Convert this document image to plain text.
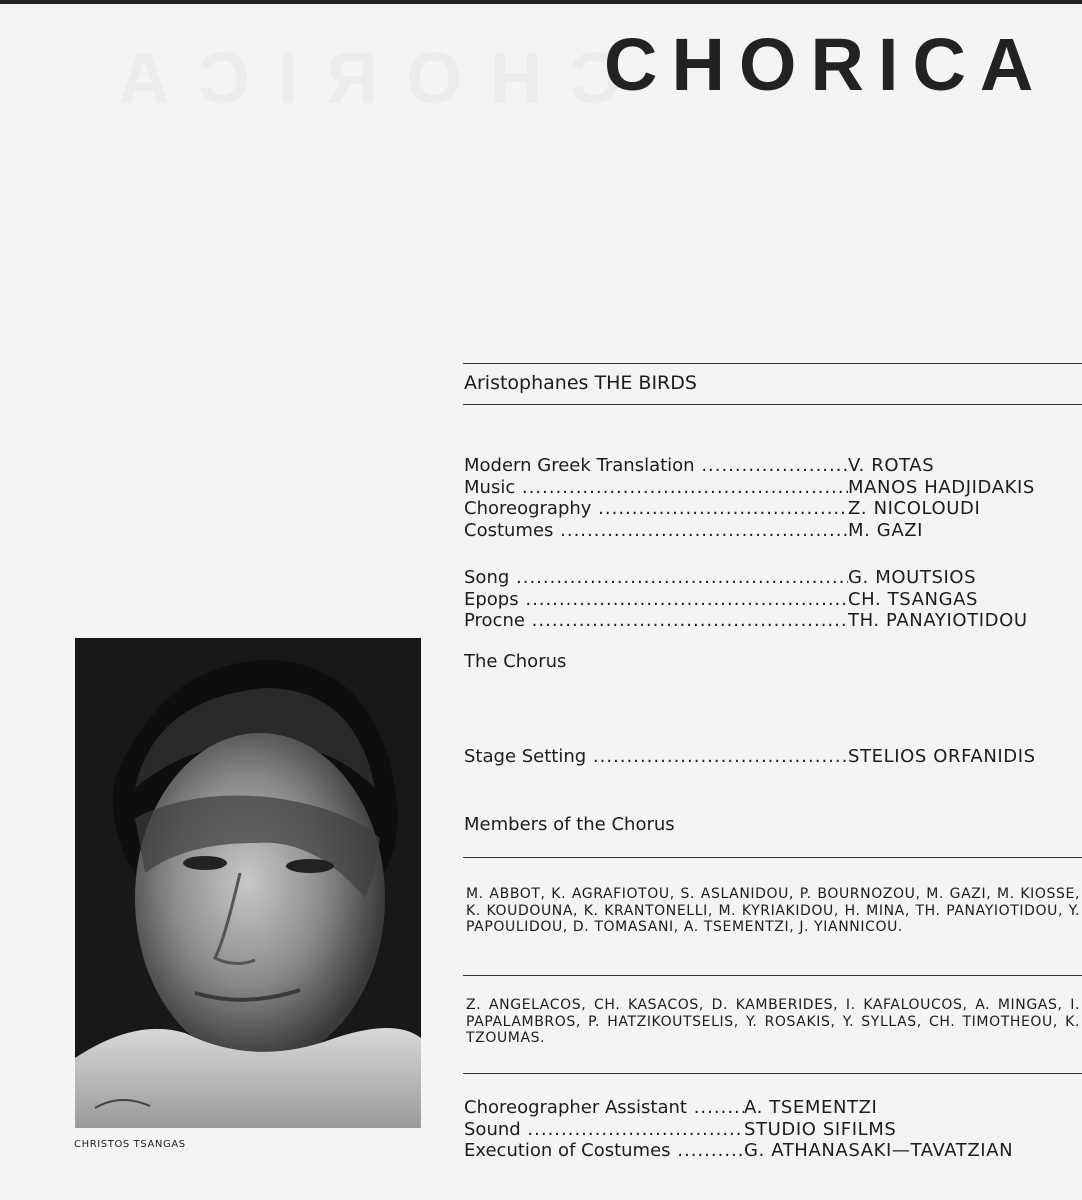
CHORICA
CHORICA
Aristophanes THE BIRDS
Modern Greek Translation .....	V. ROTAS
Music .....	MANOS HADJIDAKIS
Choreography .....	Z. NICOLOUDI
Costumes .....	M. GAZI
Song .....	G. MOUTSIOS
Epops .....	CH. TSANGAS
Procne .....	TH. PANAYIOTIDOU
The Chorus
Stage Setting .....	STELIOS ORFANIDIS
Members of the Chorus
M. ABBOT, K. AGRAFIOTOU, S. ASLANIDOU, P. BOURNOZOU, M. GAZI, M. KIOSSE, K. KOUDOUNA, K. KRANTONELLI, M. KYRIAKIDOU, H. MINA, TH. PANAYIOTIDOU, Y. PAPOULIDOU, D. TOMASANI, A. TSEMENTZI, J. YIANNICOU.
Z. ANGELACOS, CH. KASACOS, D. KAMBERIDES, I. KAFALOUCOS, A. MINGAS, I. PAPALAMBROS, P. HATZIKOUTSELIS, Y. ROSAKIS, Y. SYLLAS, CH. TIMOTHEOU, K. TZOUMAS.
Choreographer Assistant .....	A. TSEMENTZI
Sound .....	STUDIO SIFILMS
Execution of Costumes .....	G. ATHANASAKI—TAVATZIAN
CHRISTOS TSANGAS
